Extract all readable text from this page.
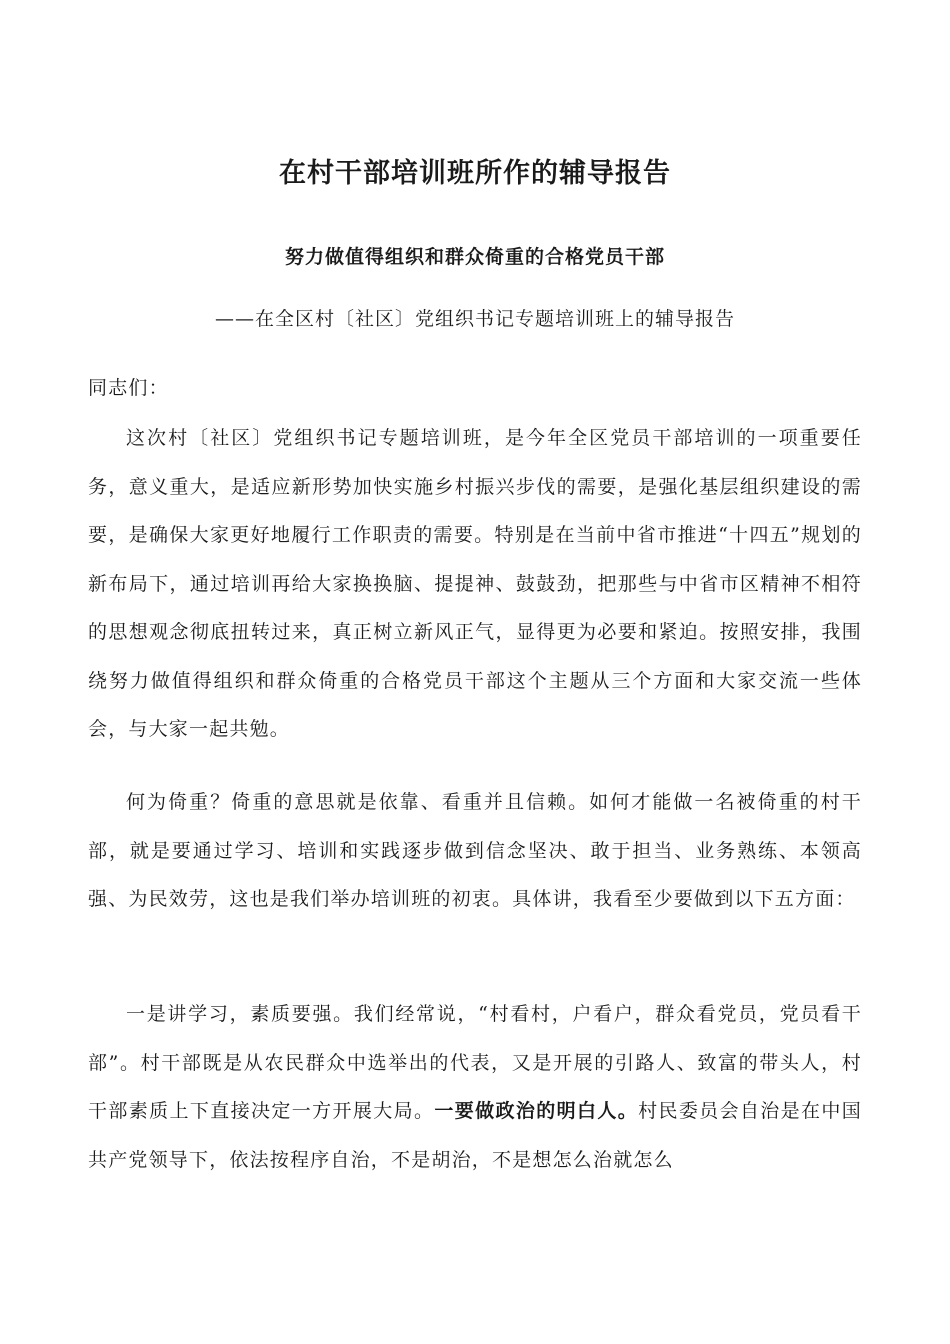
在村干部培训班所作的辅导报告
努力做值得组织和群众倚重的合格党员干部
——在全区村〔社区〕党组织书记专题培训班上的辅导报告
同志们：
这次村〔社区〕党组织书记专题培训班，是今年全区党员干部培训的一项重要任务，意义重大，是适应新形势加快实施乡村振兴步伐的需要，是强化基层组织建设的需要，是确保大家更好地履行工作职责的需要。特别是在当前中省市推进“十四五”规划的新布局下，通过培训再给大家换换脑、提提神、鼓鼓劲，把那些与中省市区精神不相符的思想观念彻底扭转过来，真正树立新风正气，显得更为必要和紧迫。按照安排，我围绕努力做值得组织和群众倚重的合格党员干部这个主题从三个方面和大家交流一些体会，与大家一起共勉。
何为倚重？倚重的意思就是依靠、看重并且信赖。如何才能做一名被倚重的村干部，就是要通过学习、培训和实践逐步做到信念坚决、敢于担当、业务熟练、本领高强、为民效劳，这也是我们举办培训班的初衷。具体讲，我看至少要做到以下五方面：
一是讲学习，素质要强。我们经常说，“村看村，户看户，群众看党员，党员看干部”。村干部既是从农民群众中选举出的代表，又是开展的引路人、致富的带头人，村干部素质上下直接决定一方开展大局。一要做政治的明白人。村民委员会自治是在中国共产党领导下，依法按程序自治，不是胡治，不是想怎么治就怎么
